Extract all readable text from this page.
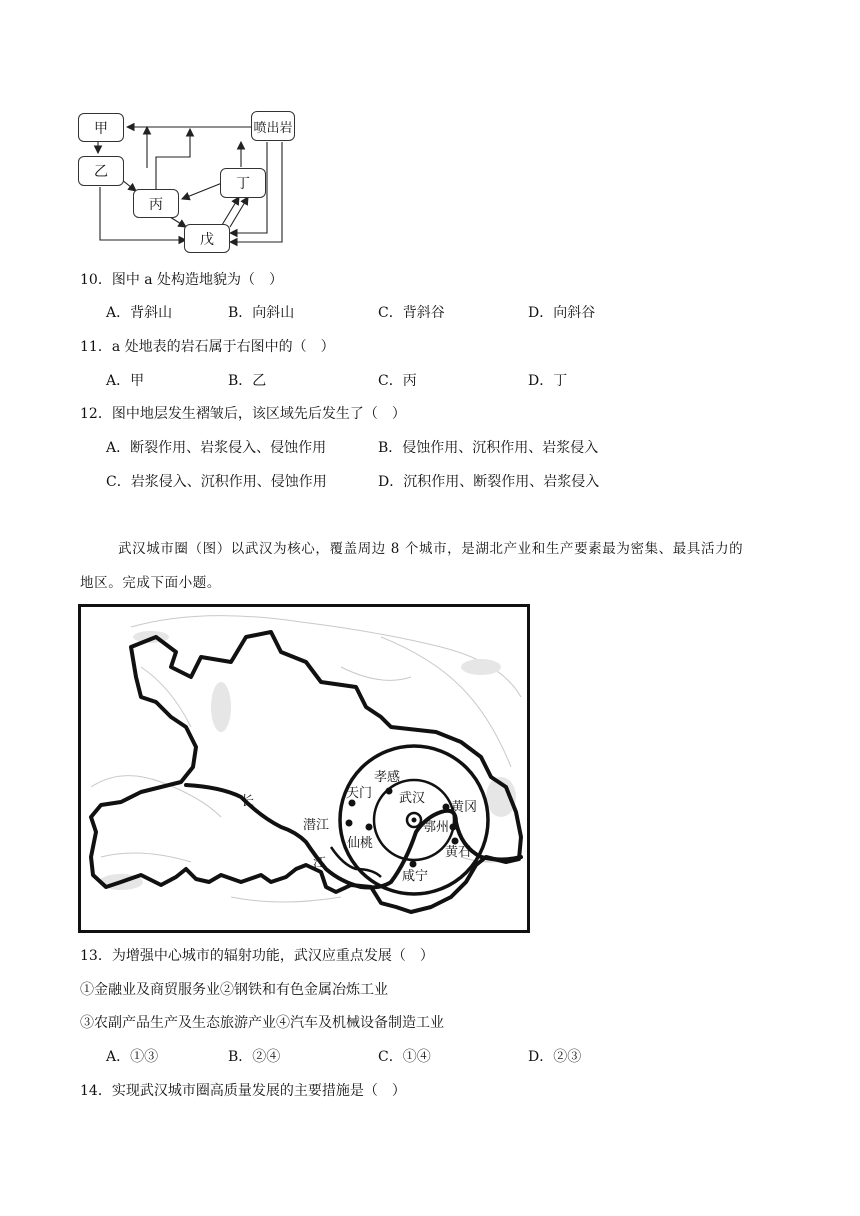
甲
乙
丙
丁
戊
喷出岩
10．图中 a 处构造地貌为（　）
A．背斜山	B．向斜山	C．背斜谷	D．向斜谷
11．a 处地表的岩石属于右图中的（　）
A．甲	B．乙	C．丙	D．丁
12．图中地层发生褶皱后，该区域先后发生了（　）
A．断裂作用、岩浆侵入、侵蚀作用	B．侵蚀作用、沉积作用、岩浆侵入
C．岩浆侵入、沉积作用、侵蚀作用	D．沉积作用、断裂作用、岩浆侵入
武汉城市圈（图）以武汉为核心，覆盖周边 8 个城市，是湖北产业和生产要素最为密集、最具活力的
地区。完成下面小题。
长
江
孝感
天门 武汉
黄冈
鄂州
潜江
仙桃
黄石
咸宁
13．为增强中心城市的辐射功能，武汉应重点发展（　）
①金融业及商贸服务业②钢铁和有色金属冶炼工业
③农副产品生产及生态旅游产业④汽车及机械设备制造工业
A．①③	B．②④	C．①④	D．②③
14．实现武汉城市圈高质量发展的主要措施是（　）
